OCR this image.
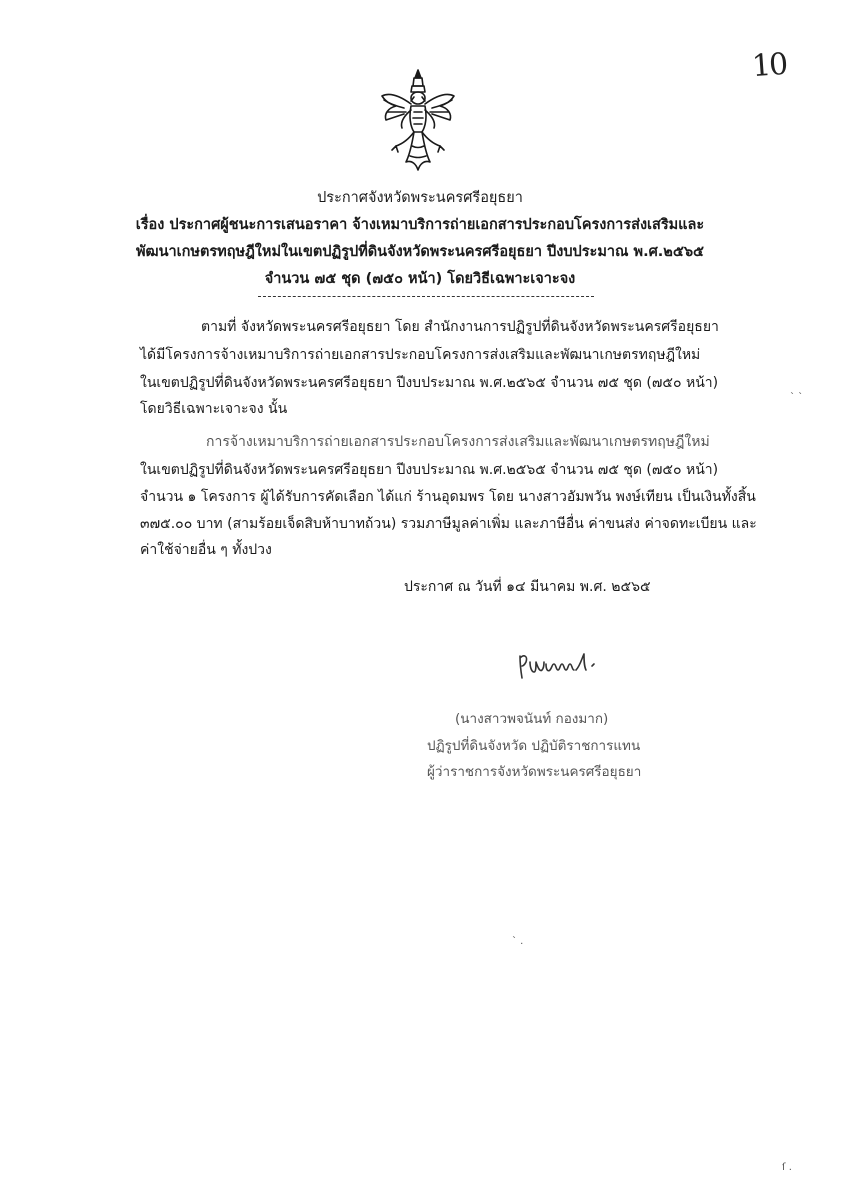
10
ประกาศจังหวัดพระนครศรีอยุธยา
เรื่อง ประกาศผู้ชนะการเสนอราคา จ้างเหมาบริการถ่ายเอกสารประกอบโครงการส่งเสริมและ
พัฒนาเกษตรทฤษฎีใหม่ในเขตปฏิรูปที่ดินจังหวัดพระนครศรีอยุธยา ปีงบประมาณ พ.ศ.๒๕๖๕
จำนวน ๗๕ ชุด (๗๕๐ หน้า) โดยวิธีเฉพาะเจาะจง
ตามที่ จังหวัดพระนครศรีอยุธยา โดย สำนักงานการปฏิรูปที่ดินจังหวัดพระนครศรีอยุธยา
ได้มีโครงการจ้างเหมาบริการถ่ายเอกสารประกอบโครงการส่งเสริมและพัฒนาเกษตรทฤษฎีใหม่
ในเขตปฏิรูปที่ดินจังหวัดพระนครศรีอยุธยา ปีงบประมาณ พ.ศ.๒๕๖๕ จำนวน ๗๕ ชุด (๗๕๐ หน้า)
โดยวิธีเฉพาะเจาะจง นั้น
` `
การจ้างเหมาบริการถ่ายเอกสารประกอบโครงการส่งเสริมและพัฒนาเกษตรทฤษฎีใหม่
ในเขตปฏิรูปที่ดินจังหวัดพระนครศรีอยุธยา ปีงบประมาณ พ.ศ.๒๕๖๕ จำนวน ๗๕ ชุด (๗๕๐ หน้า)
จำนวน ๑ โครงการ ผู้ได้รับการคัดเลือก ได้แก่ ร้านอุดมพร โดย นางสาวอัมพวัน พงษ์เทียน เป็นเงินทั้งสิ้น
๓๗๕.๐๐ บาท (สามร้อยเจ็ดสิบห้าบาทถ้วน) รวมภาษีมูลค่าเพิ่ม และภาษีอื่น ค่าขนส่ง ค่าจดทะเบียน และ
ค่าใช้จ่ายอื่น ๆ ทั้งปวง
ประกาศ ณ วันที่ ๑๔ มีนาคม พ.ศ. ๒๕๖๕
(นางสาวพจนันท์ กองมาก)
ปฏิรูปที่ดินจังหวัด ปฏิบัติราชการแทน
ผู้ว่าราชการจังหวัดพระนครศรีอยุธยา
` .
ſ .
